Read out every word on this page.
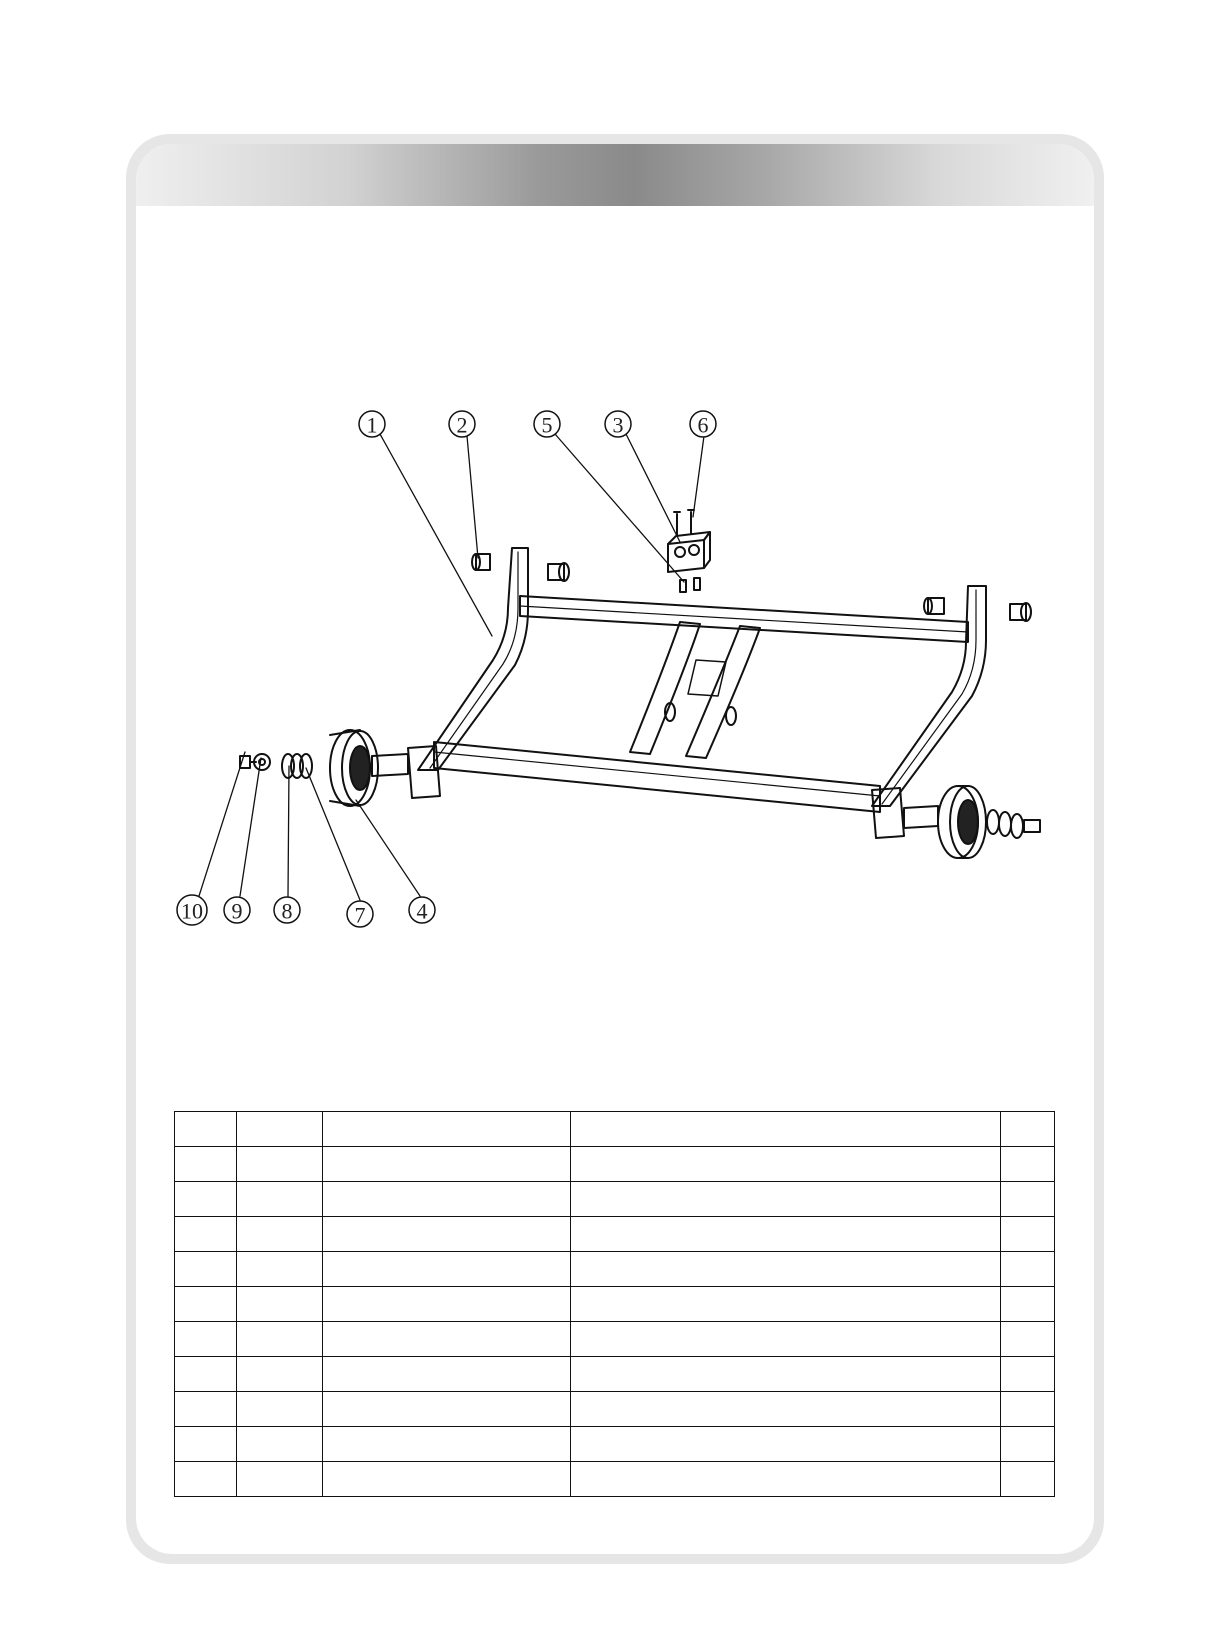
1	2	5	3	6
10 9 8	7 4
